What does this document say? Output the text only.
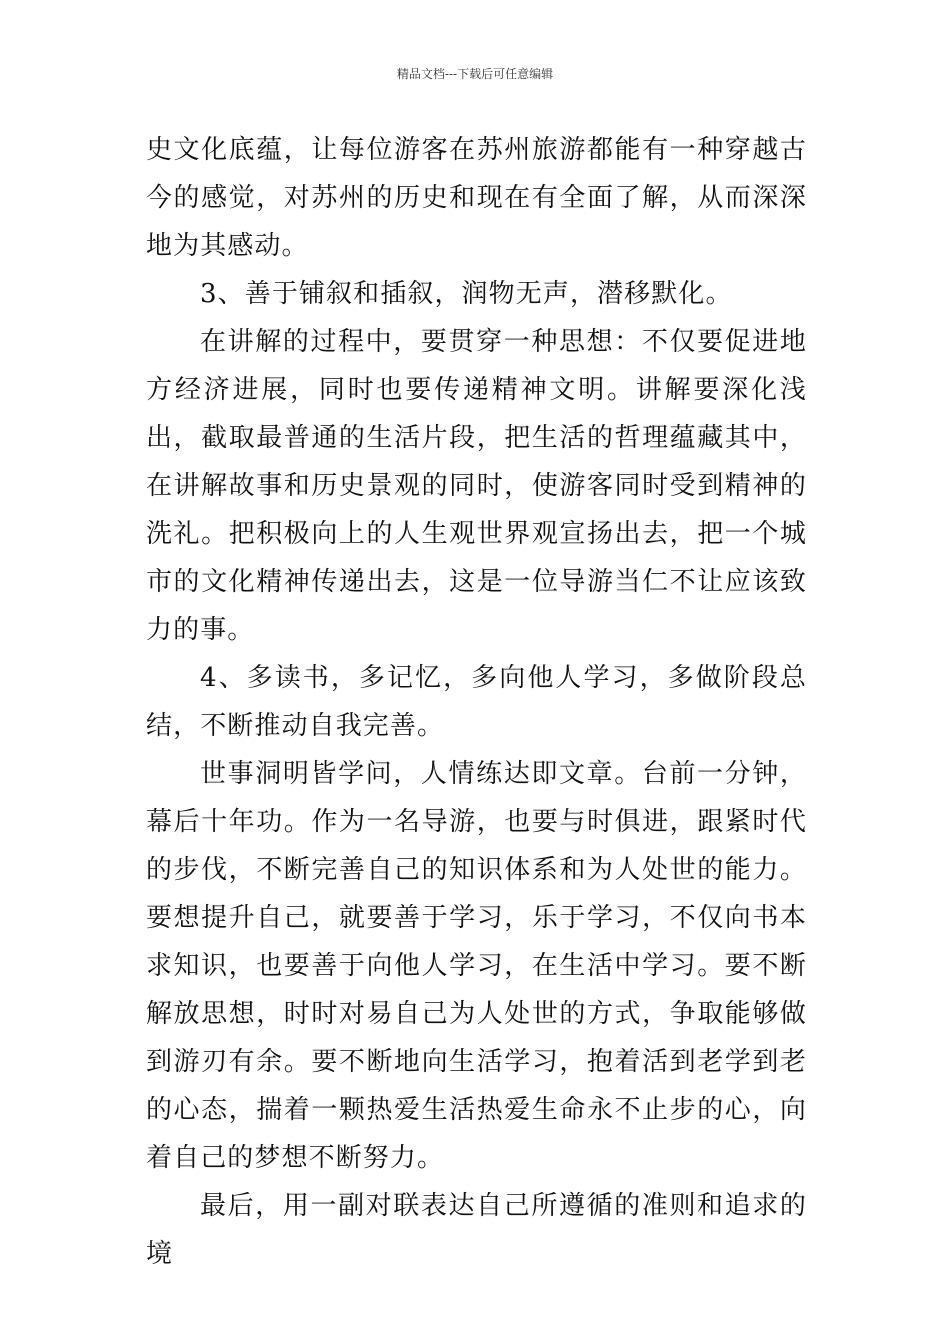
精品文档---下载后可任意编辑

史文化底蕴，让每位游客在苏州旅游都能有一种穿越古今的感觉，对苏州的历史和现在有全面了解，从而深深地为其感动。

3、善于铺叙和插叙，润物无声，潜移默化。

在讲解的过程中，要贯穿一种思想：不仅要促进地方经济进展，同时也要传递精神文明。讲解要深化浅出，截取最普通的生活片段，把生活的哲理蕴藏其中，在讲解故事和历史景观的同时，使游客同时受到精神的洗礼。把积极向上的人生观世界观宣扬出去，把一个城市的文化精神传递出去，这是一位导游当仁不让应该致力的事。

4、多读书，多记忆，多向他人学习，多做阶段总结，不断推动自我完善。

世事洞明皆学问，人情练达即文章。台前一分钟，幕后十年功。作为一名导游，也要与时俱进，跟紧时代的步伐，不断完善自己的知识体系和为人处世的能力。要想提升自己，就要善于学习，乐于学习，不仅向书本求知识，也要善于向他人学习，在生活中学习。要不断解放思想，时时对易自己为人处世的方式，争取能够做到游刃有余。要不断地向生活学习，抱着活到老学到老的心态，揣着一颗热爱生活热爱生命永不止步的心，向着自己的梦想不断努力。

最后，用一副对联表达自己所遵循的准则和追求的境
